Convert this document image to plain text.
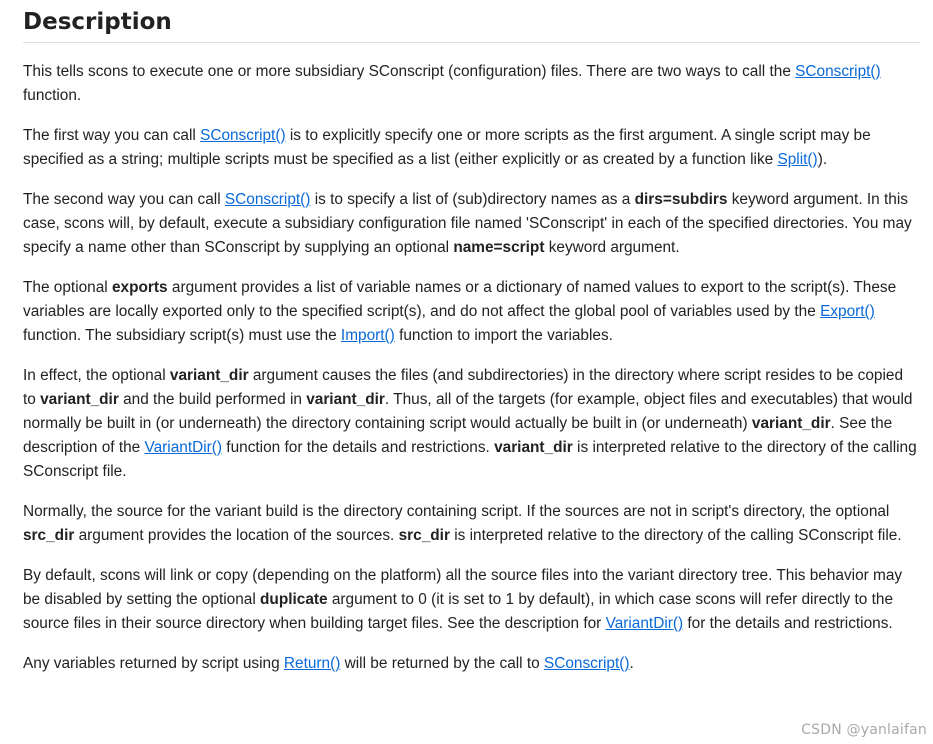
Description

This tells scons to execute one or more subsidiary SConscript (configuration) files. There are two ways to call the SConscript() function.

The first way you can call SConscript() is to explicitly specify one or more scripts as the first argument. A single script may be specified as a string; multiple scripts must be specified as a list (either explicitly or as created by a function like Split()).

The second way you can call SConscript() is to specify a list of (sub)directory names as a dirs=subdirs keyword argument. In this case, scons will, by default, execute a subsidiary configuration file named 'SConscript' in each of the specified directories. You may specify a name other than SConscript by supplying an optional name=script keyword argument.

The optional exports argument provides a list of variable names or a dictionary of named values to export to the script(s). These variables are locally exported only to the specified script(s), and do not affect the global pool of variables used by the Export() function. The subsidiary script(s) must use the Import() function to import the variables.

In effect, the optional variant_dir argument causes the files (and subdirectories) in the directory where script resides to be copied to variant_dir and the build performed in variant_dir. Thus, all of the targets (for example, object files and executables) that would normally be built in (or underneath) the directory containing script would actually be built in (or underneath) variant_dir. See the description of the VariantDir() function for the details and restrictions. variant_dir is interpreted relative to the directory of the calling SConscript file.

Normally, the source for the variant build is the directory containing script. If the sources are not in script's directory, the optional src_dir argument provides the location of the sources. src_dir is interpreted relative to the directory of the calling SConscript file.

By default, scons will link or copy (depending on the platform) all the source files into the variant directory tree. This behavior may be disabled by setting the optional duplicate argument to 0 (it is set to 1 by default), in which case scons will refer directly to the source files in their source directory when building target files. See the description for VariantDir() for the details and restrictions.

Any variables returned by script using Return() will be returned by the call to SConscript().

CSDN @yanlaifan
